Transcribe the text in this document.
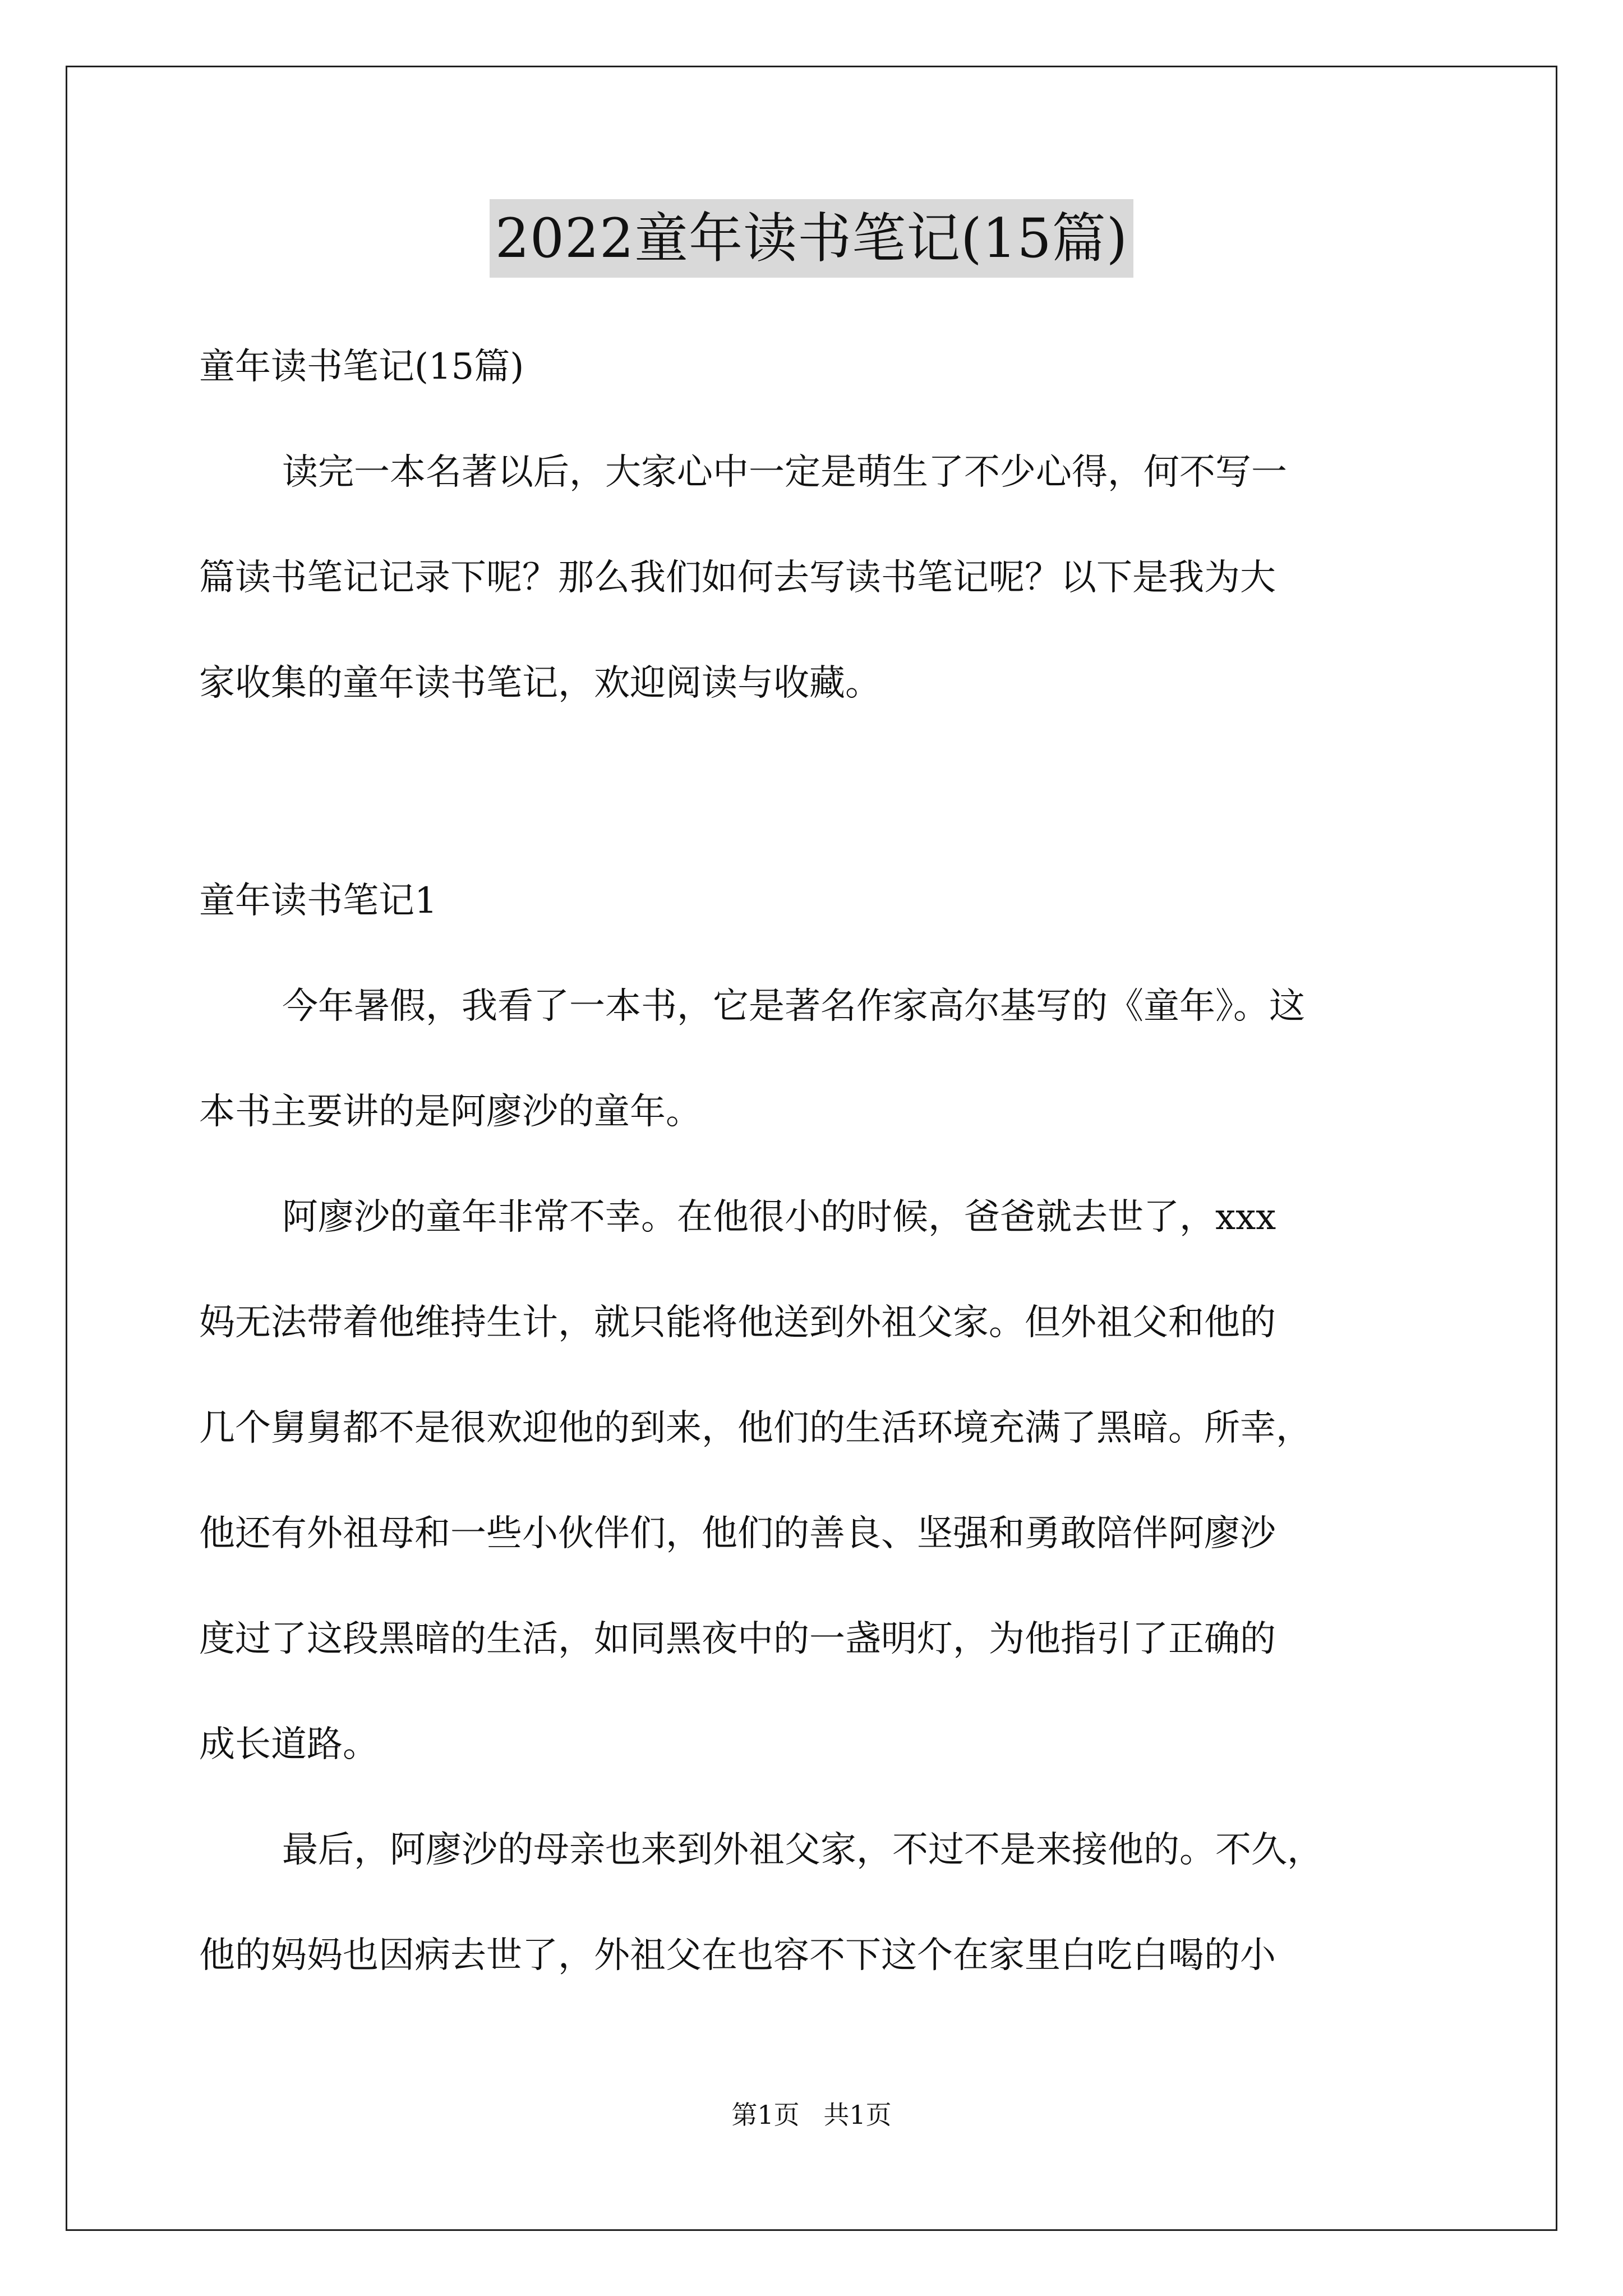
2022童年读书笔记(15篇)
童年读书笔记(15篇)
读完一本名著以后，大家心中一定是萌生了不少心得，何不写一
篇读书笔记记录下呢？那么我们如何去写读书笔记呢？以下是我为大
家收集的童年读书笔记，欢迎阅读与收藏。
童年读书笔记1
今年暑假，我看了一本书，它是著名作家高尔基写的《童年》。这
本书主要讲的是阿廖沙的童年。
阿廖沙的童年非常不幸。在他很小的时候，爸爸就去世了，xxx
妈无法带着他维持生计，就只能将他送到外祖父家。但外祖父和他的
几个舅舅都不是很欢迎他的到来，他们的生活环境充满了黑暗。所幸，
他还有外祖母和一些小伙伴们，他们的善良、坚强和勇敢陪伴阿廖沙
度过了这段黑暗的生活，如同黑夜中的一盏明灯，为他指引了正确的
成长道路。
最后，阿廖沙的母亲也来到外祖父家，不过不是来接他的。不久，
他的妈妈也因病去世了，外祖父在也容不下这个在家里白吃白喝的小
第1页 共1页
